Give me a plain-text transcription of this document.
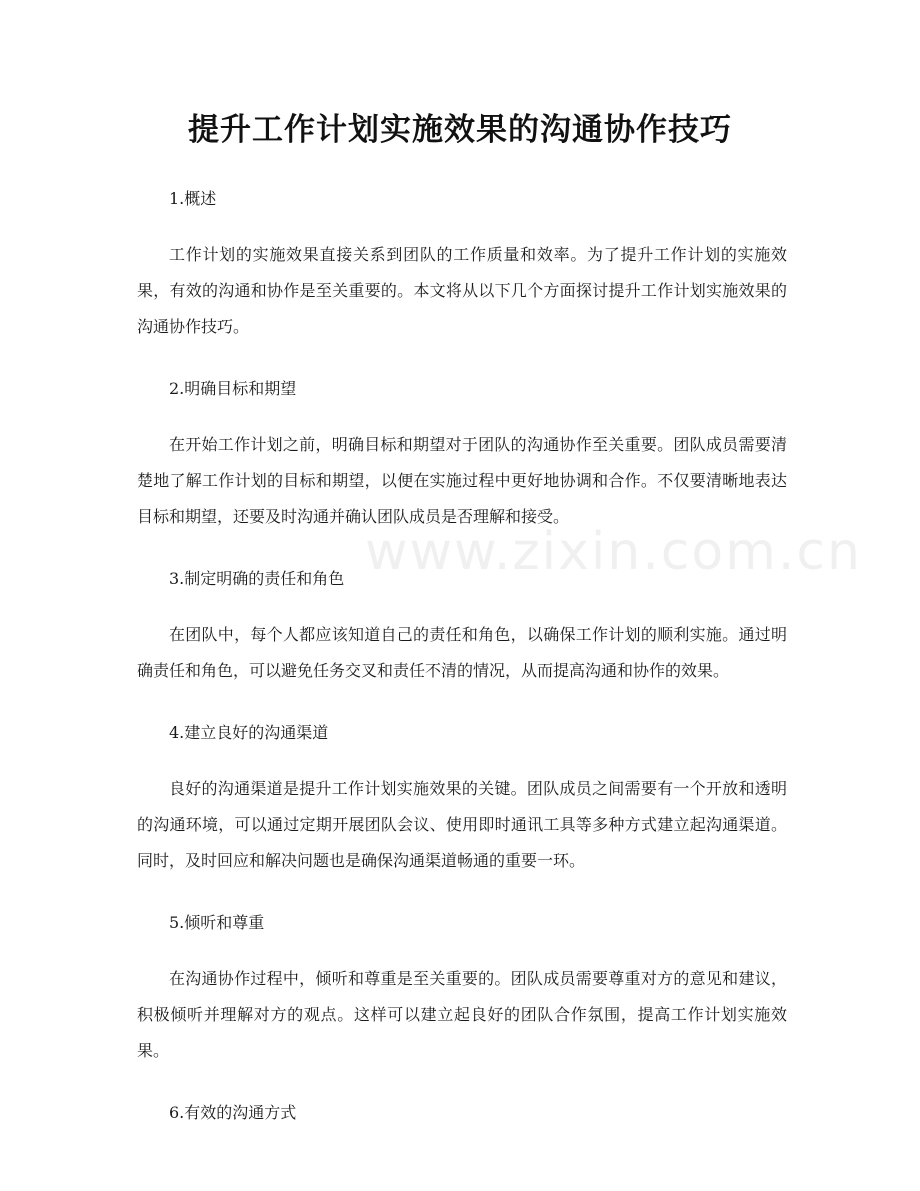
提升工作计划实施效果的沟通协作技巧
www.zixin.com.cn

1.概述

工作计划的实施效果直接关系到团队的工作质量和效率。为了提升工作计划的实施效果，有效的沟通和协作是至关重要的。本文将从以下几个方面探讨提升工作计划实施效果的沟通协作技巧。

2.明确目标和期望

在开始工作计划之前，明确目标和期望对于团队的沟通协作至关重要。团队成员需要清楚地了解工作计划的目标和期望，以便在实施过程中更好地协调和合作。不仅要清晰地表达目标和期望，还要及时沟通并确认团队成员是否理解和接受。

3.制定明确的责任和角色

在团队中，每个人都应该知道自己的责任和角色，以确保工作计划的顺利实施。通过明确责任和角色，可以避免任务交叉和责任不清的情况，从而提高沟通和协作的效果。

4.建立良好的沟通渠道

良好的沟通渠道是提升工作计划实施效果的关键。团队成员之间需要有一个开放和透明的沟通环境，可以通过定期开展团队会议、使用即时通讯工具等多种方式建立起沟通渠道。同时，及时回应和解决问题也是确保沟通渠道畅通的重要一环。

5.倾听和尊重

在沟通协作过程中，倾听和尊重是至关重要的。团队成员需要尊重对方的意见和建议，积极倾听并理解对方的观点。这样可以建立起良好的团队合作氛围，提高工作计划实施效果。

6.有效的沟通方式
